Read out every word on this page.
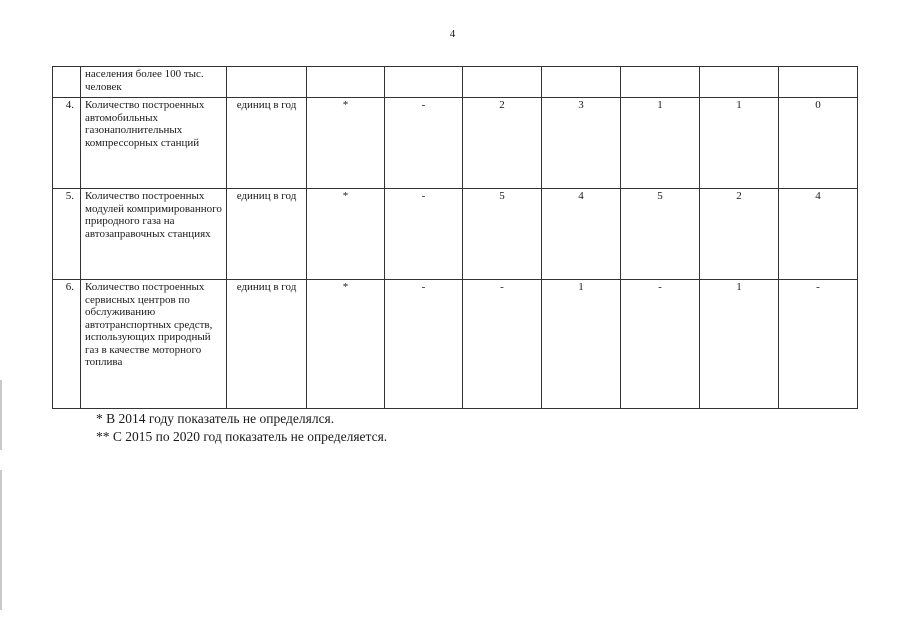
4
	населения более 100 тыс. человек								
4.	Количество построенных автомобильных газонаполнительных компрессорных станций	единиц в год	*	-	2	3	1	1	0
5.	Количество построенных модулей компримированного природного газа на автозаправочных станциях	единиц в год	*	-	5	4	5	2	4
6.	Количество построенных сервисных центров по обслуживанию автотранспортных средств, использующих природный газ в качестве моторного топлива	единиц в год	*	-	-	1	-	1	-
* В 2014 году показатель не определялся.
** С 2015 по 2020 год показатель не определяется.
